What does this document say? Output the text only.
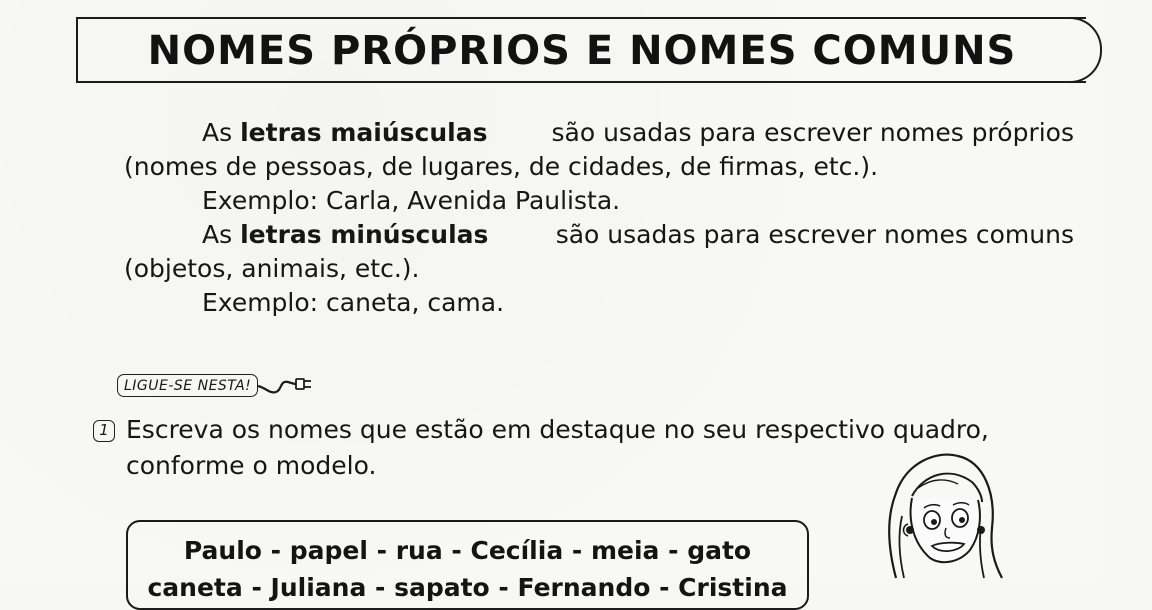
NOMES PRÓPRIOS E NOMES COMUNS
As letras maiúsculas	são usadas para escrever nomes próprios
(nomes de pessoas, de lugares, de cidades, de firmas, etc.).
Exemplo: Carla, Avenida Paulista.
As letras minúsculas	são usadas para escrever nomes comuns
(objetos, animais, etc.).
Exemplo: caneta, cama.
LIGUE-SE NESTA!
1 Escreva os nomes que estão em destaque no seu respectivo quadro,
conforme o modelo.
Paulo - papel - rua - Cecília - meia - gato
caneta - Juliana - sapato - Fernando - Cristina
